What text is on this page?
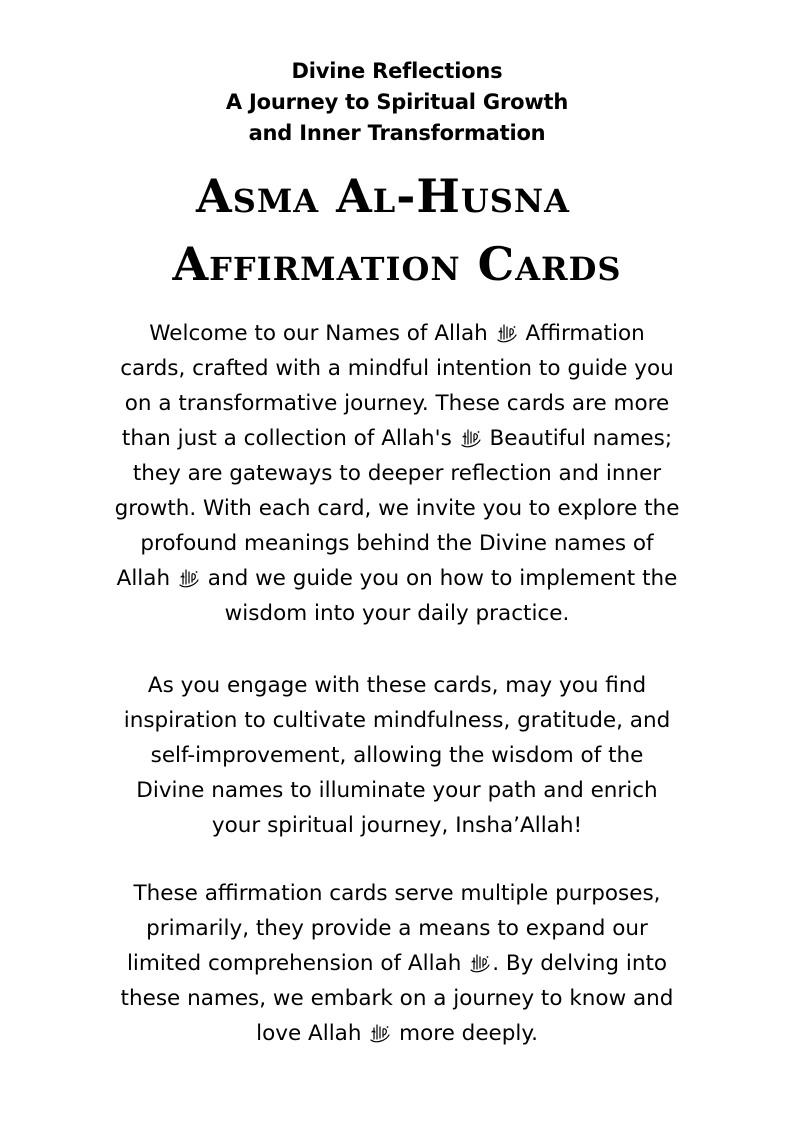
Divine Reflections
A Journey to Spiritual Growth
and Inner Transformation
Asma Al-Husna
Affirmation Cards
Welcome to our Names of Allah Affirmation
cards, crafted with a mindful intention to guide you
on a transformative journey. These cards are more
than just a collection of Allah's Beautiful names;
they are gateways to deeper reflection and inner
growth. With each card, we invite you to explore the
profound meanings behind the Divine names of
Allah and we guide you on how to implement the
wisdom into your daily practice.
As you engage with these cards, may you find
inspiration to cultivate mindfulness, gratitude, and
self-improvement, allowing the wisdom of the
Divine names to illuminate your path and enrich
your spiritual journey, Insha’Allah!
These affirmation cards serve multiple purposes,
primarily, they provide a means to expand our
limited comprehension of Allah . By delving into
these names, we embark on a journey to know and
love Allah more deeply.
